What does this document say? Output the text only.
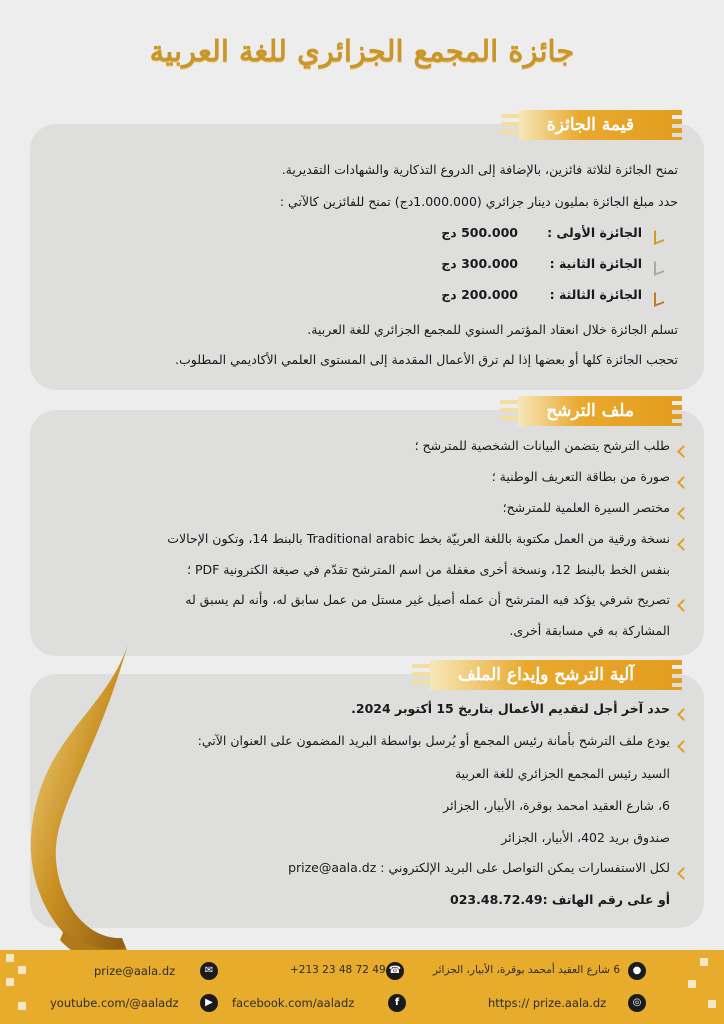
جائزة المجمع الجزائري للغة العربية
قيمة الجائزة
تمنح الجائزة لثلاثة فائزين، بالإضافة إلى الدروع التذكارية والشهادات التقديرية.
حدد مبلغ الجائزة بمليون دينار جزائري (1.000.000دج) تمنح للفائزين كالآتي :
الجائزة الأولى :
500.000 دج
الجائزة الثانية :
300.000 دج
الجائزة الثالثة :
200.000 دج
تسلم الجائزة خلال انعقاد المؤتمر السنوي للمجمع الجزائري للغة العربية.
تحجب الجائزة كلها أو بعضها إذا لم ترق الأعمال المقدمة إلى المستوى العلمي الأكاديمي المطلوب.
ملف الترشح
طلب الترشح يتضمن البيانات الشخصية للمترشح ؛
صورة من بطاقة التعريف الوطنية ؛
مختصر السيرة العلمية للمترشح؛
نسخة ورقية من العمل مكتوبة باللغة العربيّة بخط Traditional arabic بالبنط 14، وتكون الإحالات
بنفس الخط بالبنط 12، ونسخة أخرى مغفلة من اسم المترشح تقدّم في صيغة الكترونية PDF ؛
تصريح شرفي يؤكد فيه المترشح أن عمله أصيل غير مستل من عمل سابق له، وأنه لم يسبق له
المشاركة به في مسابقة أخرى.
آلية الترشح وإيداع الملف
حدد آخر أجل لتقديم الأعمال بتاريخ 15 أكتوبر 2024.
يودع ملف الترشح بأمانة رئيس المجمع أو يُرسل بواسطة البريد المضمون على العنوان الآتي:
السيد رئيس المجمع الجزائري للغة العربية
6، شارع العقيد امحمد بوقرة، الأبيار، الجزائر
صندوق بريد 402، الأبيار، الجزائر
لكل الاستفسارات يمكن التواصل على البريد الإلكتروني : prize@aala.dz
أو على رقم الهاتف :023.48.72.49
✉
prize@aala.dz	☎
+213 23 48 72 49	●
6 شارع العقيد أمحمد بوقرة، الأبيار، الجزائر
▶
youtube.com/@aaladz	f
facebook.com/aaladz	◎
https:// prize.aala.dz
